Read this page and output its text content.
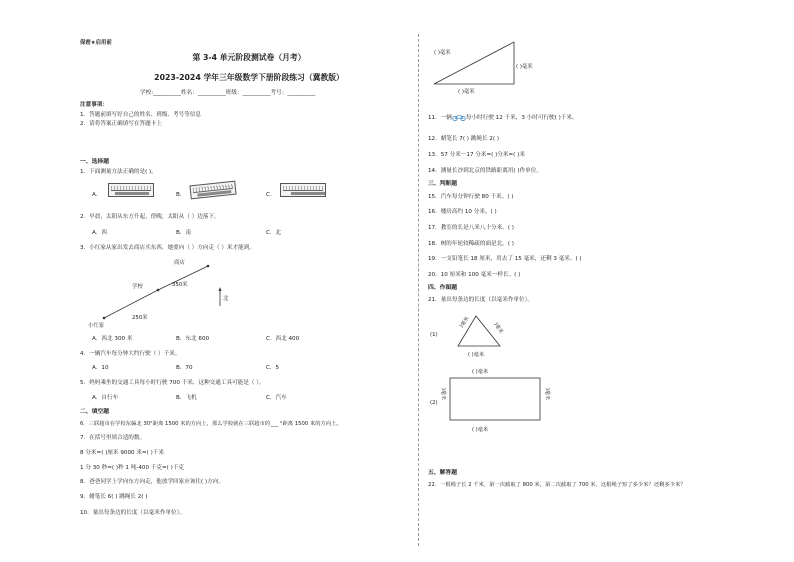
保密★启用前
第 3-4 单元阶段测试卷（月考）
2023-2024 学年三年级数学下册阶段练习（冀教版）
学校:__________姓名：__________班级：__________考号：__________
注意事项：
1．答题前填写好自己的姓名、班级、考号等信息
2．请将答案正确填写在答题卡上
一、选择题
1．下面测量方法正确的是( )。
A．	B．	C．
2．早晨，太阳从东方升起，傍晚，太阳从（ ）边落下。
A．西	B．南	C．北
3．小红家从家出发去商店买东西，她要向（ ）方向走（ ）米才能到。
商店
学校
小红家
350米
250米
北
A．西北 300 米	B．东北 600	C．西北 400
4．一辆汽车每分钟大约行驶（ ）千米。
A．10	B．70	C．5
5．妈妈乘坐的交通工具每小时行驶 700 千米，这种交通工具可能是（ ）。
A．自行车	B．飞机	C．汽车
二、填空题
6．三联超市在学校东偏北 30°距离 1500 米的方向上，那么学校就在三联超市的___ °距离 1500 米的方向上。
7．在括号里填合适的数。
8 分米=( )厘米 9000 米=( )千米
1 分 30 秒=( )秒 1 吨-400 千克=( )千克
8．爸爸同学上学向东方向走，他放学回家应该往( )方向。
9．蜡笔长 6( ) 跳绳长 2( )
10．量出每条边的长度（以毫米作单位）。
( )毫米
( )毫米
( )毫米
11．一辆	每小时行驶 12 千米，3 小时可行驶( )千米。
12．蜡笔长 7( ) 跳绳长 2( )
13．57 分米－17 分米=( )分米=( )米
14．测量长沙到北京的铁路距离用( )作单位。
三、判断题
15．汽车每分钟行驶 80 千米。( )
16．楼房高约 10 分米。( )
17．教室的长是八米八十分米。( )
18．树的年轮较稀疏的面是北。( )
19．一支铅笔长 18 厘米，用去了 15 毫米，还剩 3 毫米。( )
20．10 厘米和 100 毫米一样长。( )
四、作图题
21．量出每条边的长度（以毫米作单位）。
(1)
)毫米	)毫米
( )毫米
(2)
( )毫米
( )毫米
)毫米	)毫米
五、解答题
22．一根绳子长 2 千米，第一次截取了 800 米，第二次截取了 700 米，这根绳子短了多少米？还剩多少米？
